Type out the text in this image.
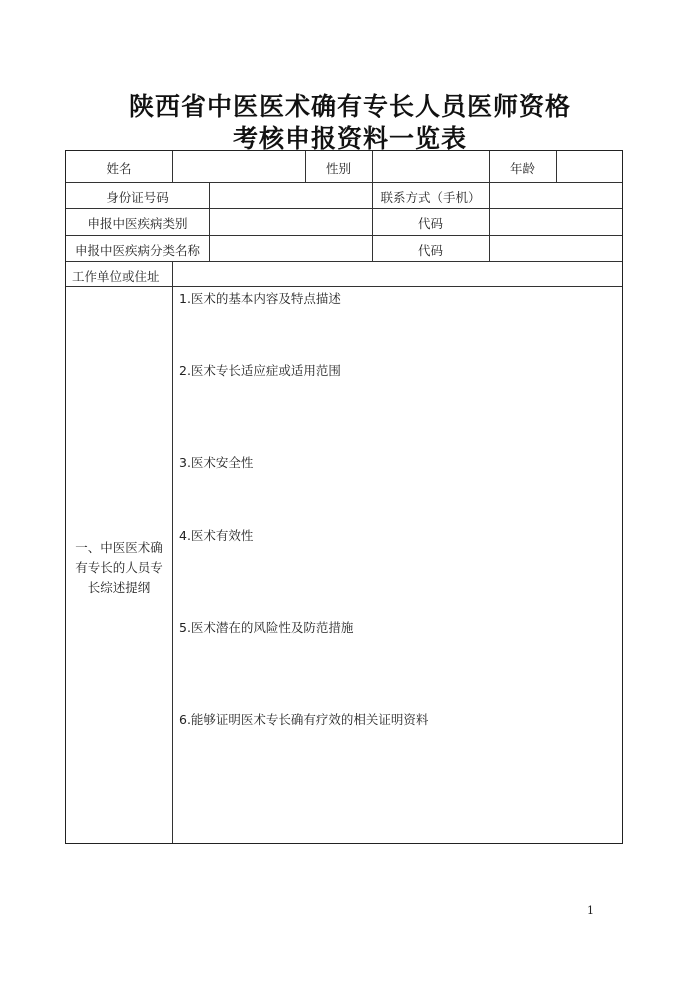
陕西省中医医术确有专长人员医师资格
考核申报资料一览表
姓名	性别	年龄
身份证号码	联系方式（手机）
申报中医疾病类别	代码
申报中医疾病分类名称	代码
工作单位或住址
一、中医医术确
有专长的人员专
长综述提纲
1.医术的基本内容及特点描述
2.医术专长适应症或适用范围
3.医术安全性
4.医术有效性
5.医术潜在的风险性及防范措施
6.能够证明医术专长确有疗效的相关证明资料
1
